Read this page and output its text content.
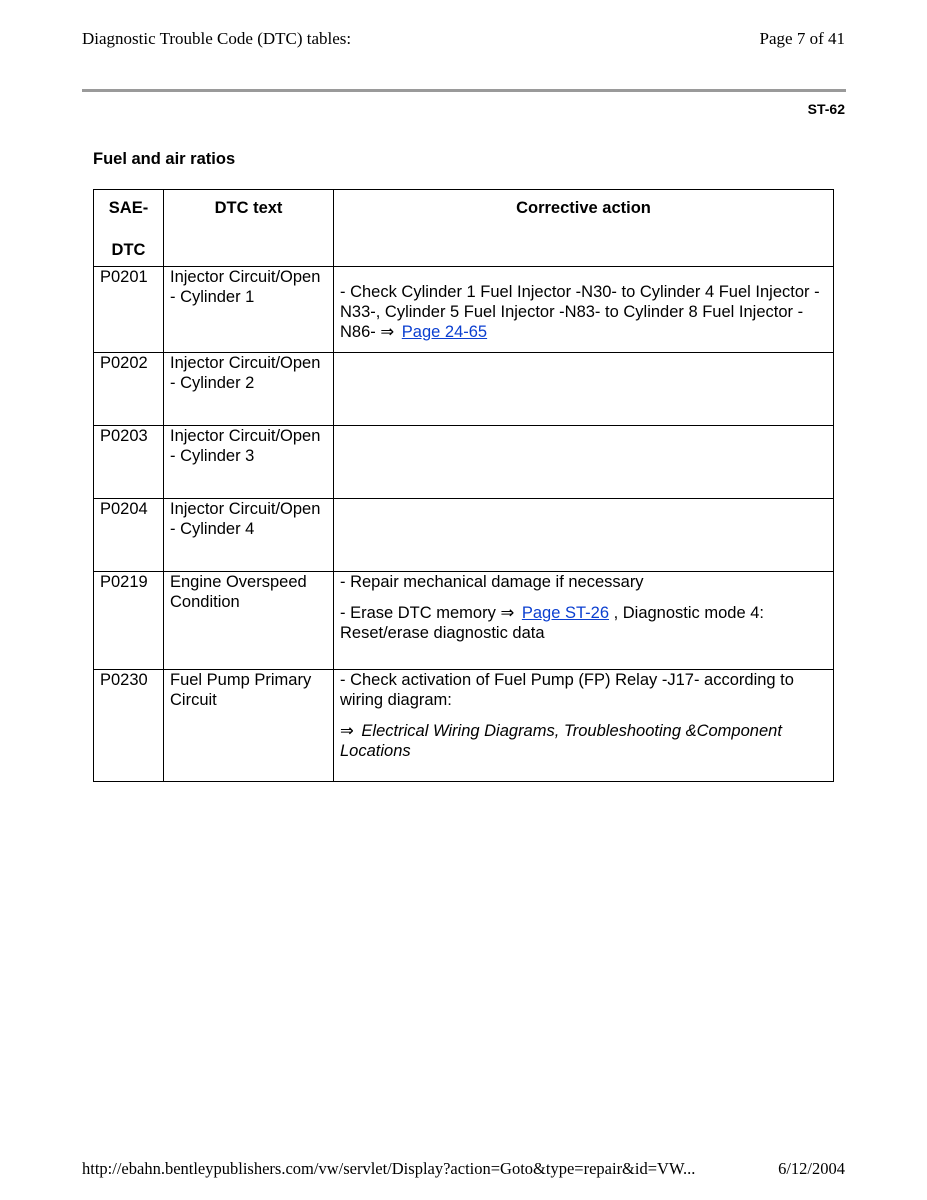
Diagnostic Trouble Code (DTC) tables:	Page 7 of 41
ST-62
Fuel and air ratios
SAE-
DTC	DTC text	Corrective action
P0201	Injector Circuit/Open - Cylinder 1	- Check Cylinder 1 Fuel Injector -N30- to Cylinder 4 Fuel Injector -N33-, Cylinder 5 Fuel Injector -N83- to Cylinder 8 Fuel Injector -N86- ⇒ Page 24-65

P0202	Injector Circuit/Open - Cylinder 2	
P0203	Injector Circuit/Open - Cylinder 3	
P0204	Injector Circuit/Open - Cylinder 4	
P0219	Engine Overspeed Condition	- Repair mechanical damage if necessary

- Erase DTC memory ⇒ Page ST-26 , Diagnostic mode 4: Reset/erase diagnostic data

P0230	Fuel Pump Primary Circuit	- Check activation of Fuel Pump (FP) Relay -J17- according to wiring diagram:

⇒ Electrical Wiring Diagrams, Troubleshooting &Component Locations

http://ebahn.bentleypublishers.com/vw/servlet/Display?action=Goto&type=repair&id=VW...	6/12/2004
